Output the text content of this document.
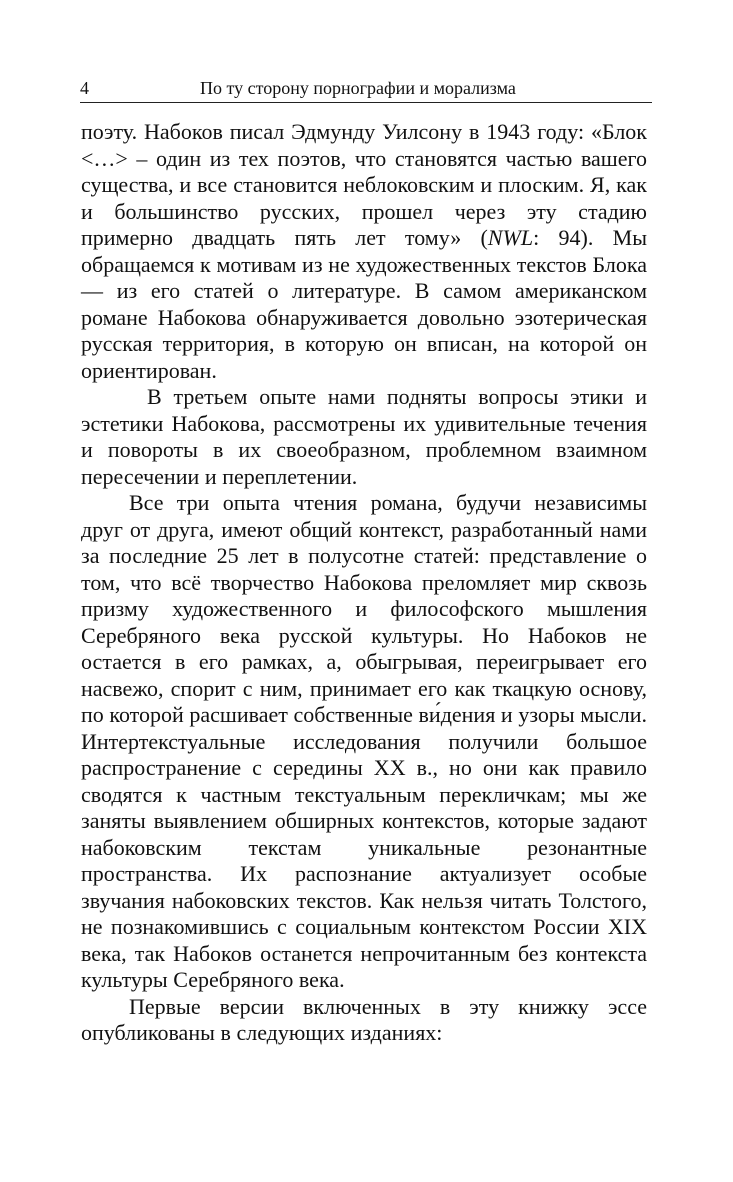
4	По ту сторону порнографии и морализма

поэту. Набоков писал Эдмунду Уилсону в 1943 году: «Блок <…> – один из тех поэтов, что становятся частью вашего существа, и все становится неблоковским и плоским. Я, как и большинство русских, прошел через эту стадию примерно двадцать пять лет тому» (NWL: 94). Мы обращаемся к мотивам из не художественных текстов Блока — из его статей о литературе. В самом американском романе Набокова обнаруживается довольно эзотерическая русская территория, в которую он вписан, на которой он ориентирован.

В третьем опыте нами подняты вопросы этики и эстетики Набокова, рассмотрены их удивительные течения и повороты в их своеобразном, проблемном взаимном пересечении и переплетении.

Все три опыта чтения романа, будучи независимы друг от друга, имеют общий контекст, разработанный нами за последние 25 лет в полусотне статей: представление о том, что всё творчество Набокова преломляет мир сквозь призму художественного и философского мышления Серебряного века русской культуры. Но Набоков не остается в его рамках, а, обыгрывая, переигрывает его насвежо, спорит с ним, принимает его как ткацкую основу, по которой расшивает собственные ви́дения и узоры мысли. Интертекстуальные исследования получили большое распространение с середины XX в., но они как правило сводятся к частным текстуальным перекличкам; мы же заняты выявлением обширных контекстов, которые задают набоковским текстам уникальные резонантные пространства. Их распознание актуализует особые звучания набоковских текстов. Как нельзя читать Толстого, не познакомившись с социальным контекстом России XIX века, так Набоков останется непрочитанным без контекста культуры Серебряного века.

Первые версии включенных в эту книжку эссе опубликованы в следующих изданиях:
